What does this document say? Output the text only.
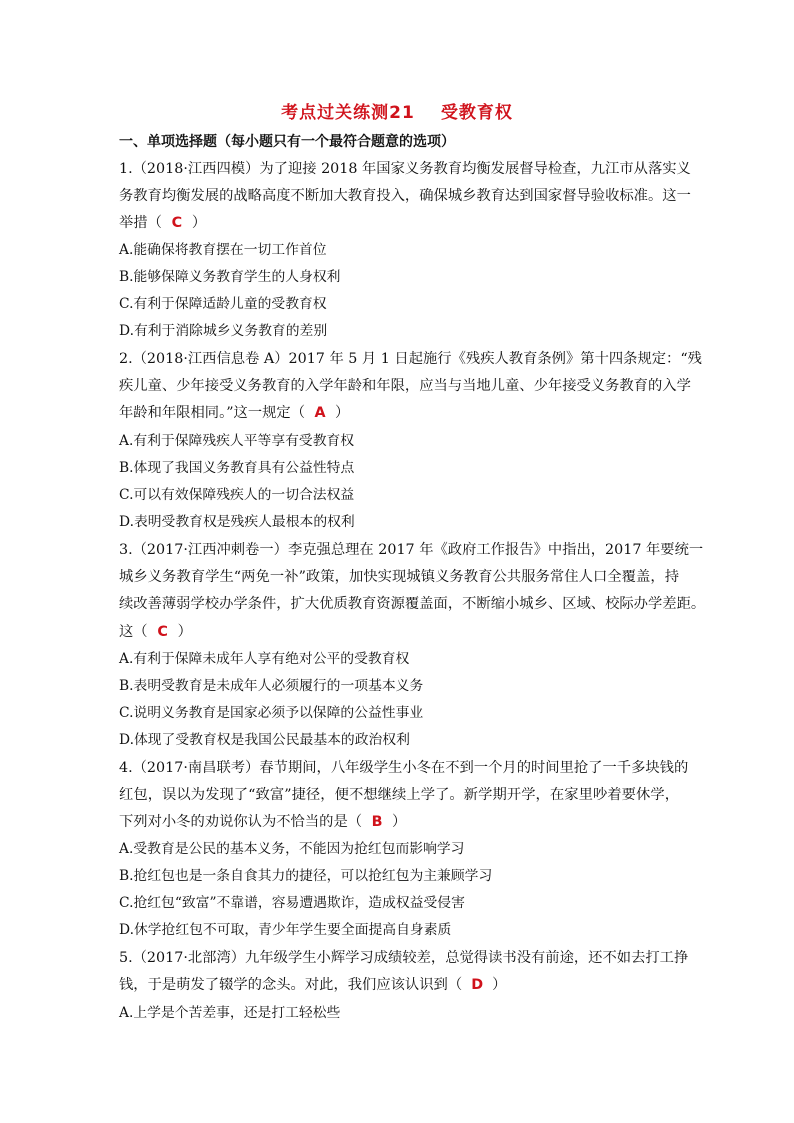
考点过关练测21 受教育权
一、单项选择题（每小题只有一个最符合题意的选项）
1.（2018·江西四模）为了迎接 2018 年国家义务教育均衡发展督导检查，九江市从落实义
务教育均衡发展的战略高度不断加大教育投入，确保城乡教育达到国家督导验收标准。这一
举措（ C ）
A.能确保将教育摆在一切工作首位
B.能够保障义务教育学生的人身权利
C.有利于保障适龄儿童的受教育权
D.有利于消除城乡义务教育的差别
2.（2018·江西信息卷 A）2017 年 5 月 1 日起施行《残疾人教育条例》第十四条规定：“残
疾儿童、少年接受义务教育的入学年龄和年限，应当与当地儿童、少年接受义务教育的入学
年龄和年限相同。”这一规定（ A ）
A.有利于保障残疾人平等享有受教育权
B.体现了我国义务教育具有公益性特点
C.可以有效保障残疾人的一切合法权益
D.表明受教育权是残疾人最根本的权利
3.（2017·江西冲刺卷一）李克强总理在 2017 年《政府工作报告》中指出，2017 年要统一
城乡义务教育学生“两免一补”政策，加快实现城镇义务教育公共服务常住人口全覆盖，持
续改善薄弱学校办学条件，扩大优质教育资源覆盖面，不断缩小城乡、区域、校际办学差距。
这（ C ）
A.有利于保障未成年人享有绝对公平的受教育权
B.表明受教育是未成年人必须履行的一项基本义务
C.说明义务教育是国家必须予以保障的公益性事业
D.体现了受教育权是我国公民最基本的政治权利
4.（2017·南昌联考）春节期间，八年级学生小冬在不到一个月的时间里抢了一千多块钱的
红包，误以为发现了“致富”捷径，便不想继续上学了。新学期开学，在家里吵着要休学，
下列对小冬的劝说你认为不恰当的是（ B ）
A.受教育是公民的基本义务，不能因为抢红包而影响学习
B.抢红包也是一条自食其力的捷径，可以抢红包为主兼顾学习
C.抢红包“致富”不靠谱，容易遭遇欺诈，造成权益受侵害
D.休学抢红包不可取，青少年学生要全面提高自身素质
5.（2017·北部湾）九年级学生小辉学习成绩较差，总觉得读书没有前途，还不如去打工挣
钱，于是萌发了辍学的念头。对此，我们应该认识到（ D ）
A.上学是个苦差事，还是打工轻松些
